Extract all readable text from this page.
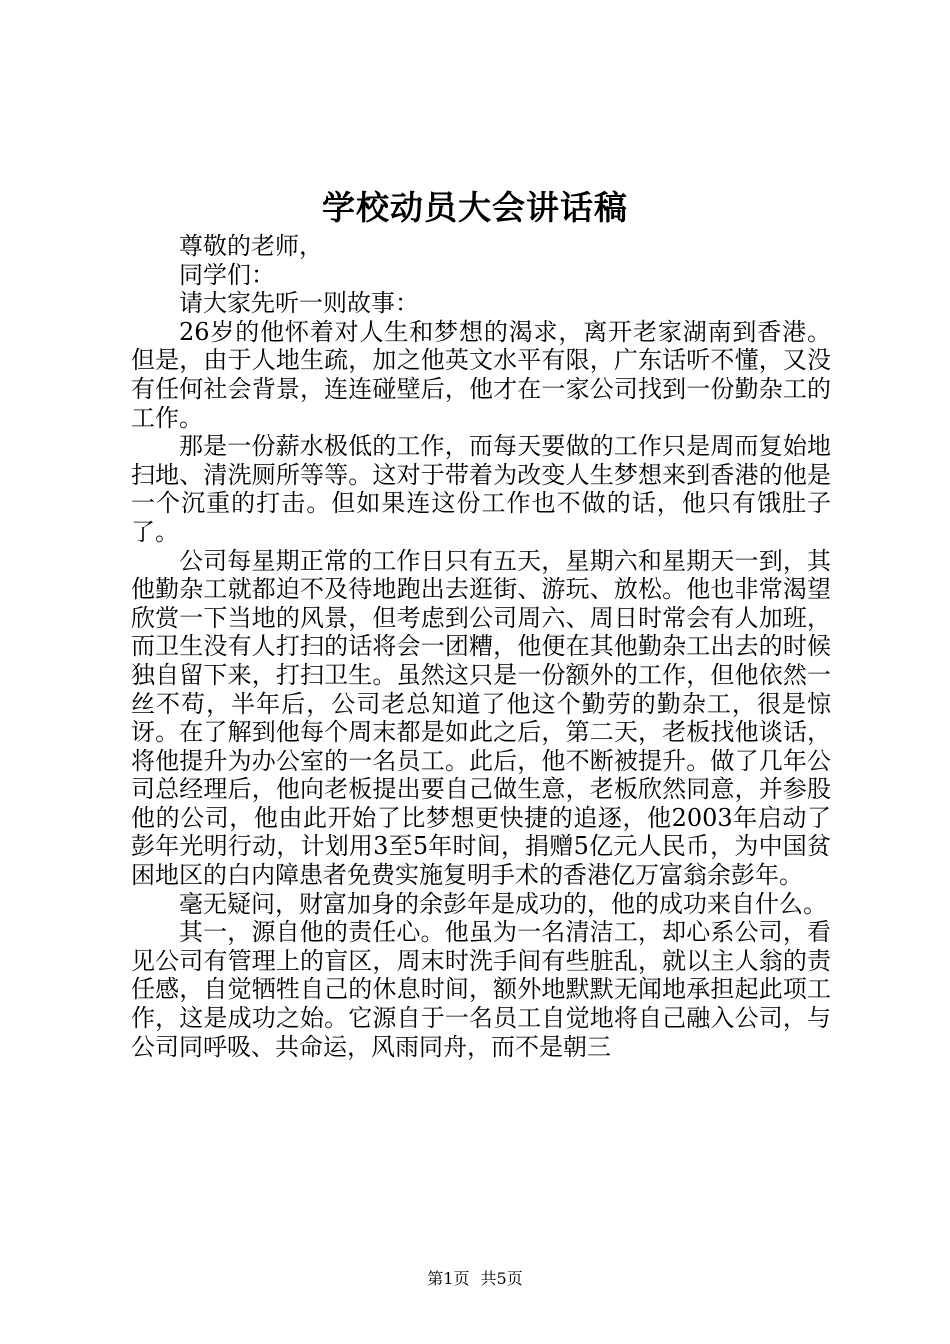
学校动员大会讲话稿

尊敬的老师，

同学们：

请大家先听一则故事：

26岁的他怀着对人生和梦想的渴求，离开老家湖南到香港。但是，由于人地生疏，加之他英文水平有限，广东话听不懂，又没有任何社会背景，连连碰壁后，他才在一家公司找到一份勤杂工的工作。

那是一份薪水极低的工作，而每天要做的工作只是周而复始地扫地、清洗厕所等等。这对于带着为改变人生梦想来到香港的他是一个沉重的打击。但如果连这份工作也不做的话，他只有饿肚子了。

公司每星期正常的工作日只有五天，星期六和星期天一到，其他勤杂工就都迫不及待地跑出去逛街、游玩、放松。他也非常渴望欣赏一下当地的风景，但考虑到公司周六、周日时常会有人加班，而卫生没有人打扫的话将会一团糟，他便在其他勤杂工出去的时候独自留下来，打扫卫生。虽然这只是一份额外的工作，但他依然一丝不苟，半年后，公司老总知道了他这个勤劳的勤杂工，很是惊讶。在了解到他每个周末都是如此之后，第二天，老板找他谈话，将他提升为办公室的一名员工。此后，他不断被提升。做了几年公司总经理后，他向老板提出要自己做生意，老板欣然同意，并参股他的公司，他由此开始了比梦想更快捷的追逐，他2003年启动了彭年光明行动，计划用3至5年时间，捐赠5亿元人民币，为中国贫困地区的白内障患者免费实施复明手术的香港亿万富翁余彭年。

毫无疑问，财富加身的余彭年是成功的，他的成功来自什么。

其一，源自他的责任心。他虽为一名清洁工，却心系公司，看见公司有管理上的盲区，周末时洗手间有些脏乱，就以主人翁的责任感，自觉牺牲自己的休息时间，额外地默默无闻地承担起此项工作，这是成功之始。它源自于一名员工自觉地将自己融入公司，与公司同呼吸、共命运，风雨同舟，而不是朝三

第1页 共5页
